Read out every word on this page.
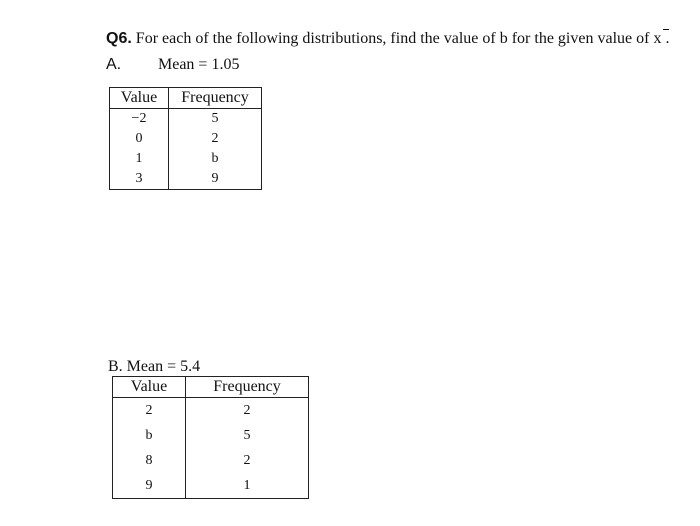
Q6. For each of the following distributions, find the value of b for the given value of x .
A. Mean = 1.05
Value	Frequency
−2	5
0	2
1	b
3	9
B. Mean = 5.4
Value	Frequency
2	2
b	5
8	2
9	1
